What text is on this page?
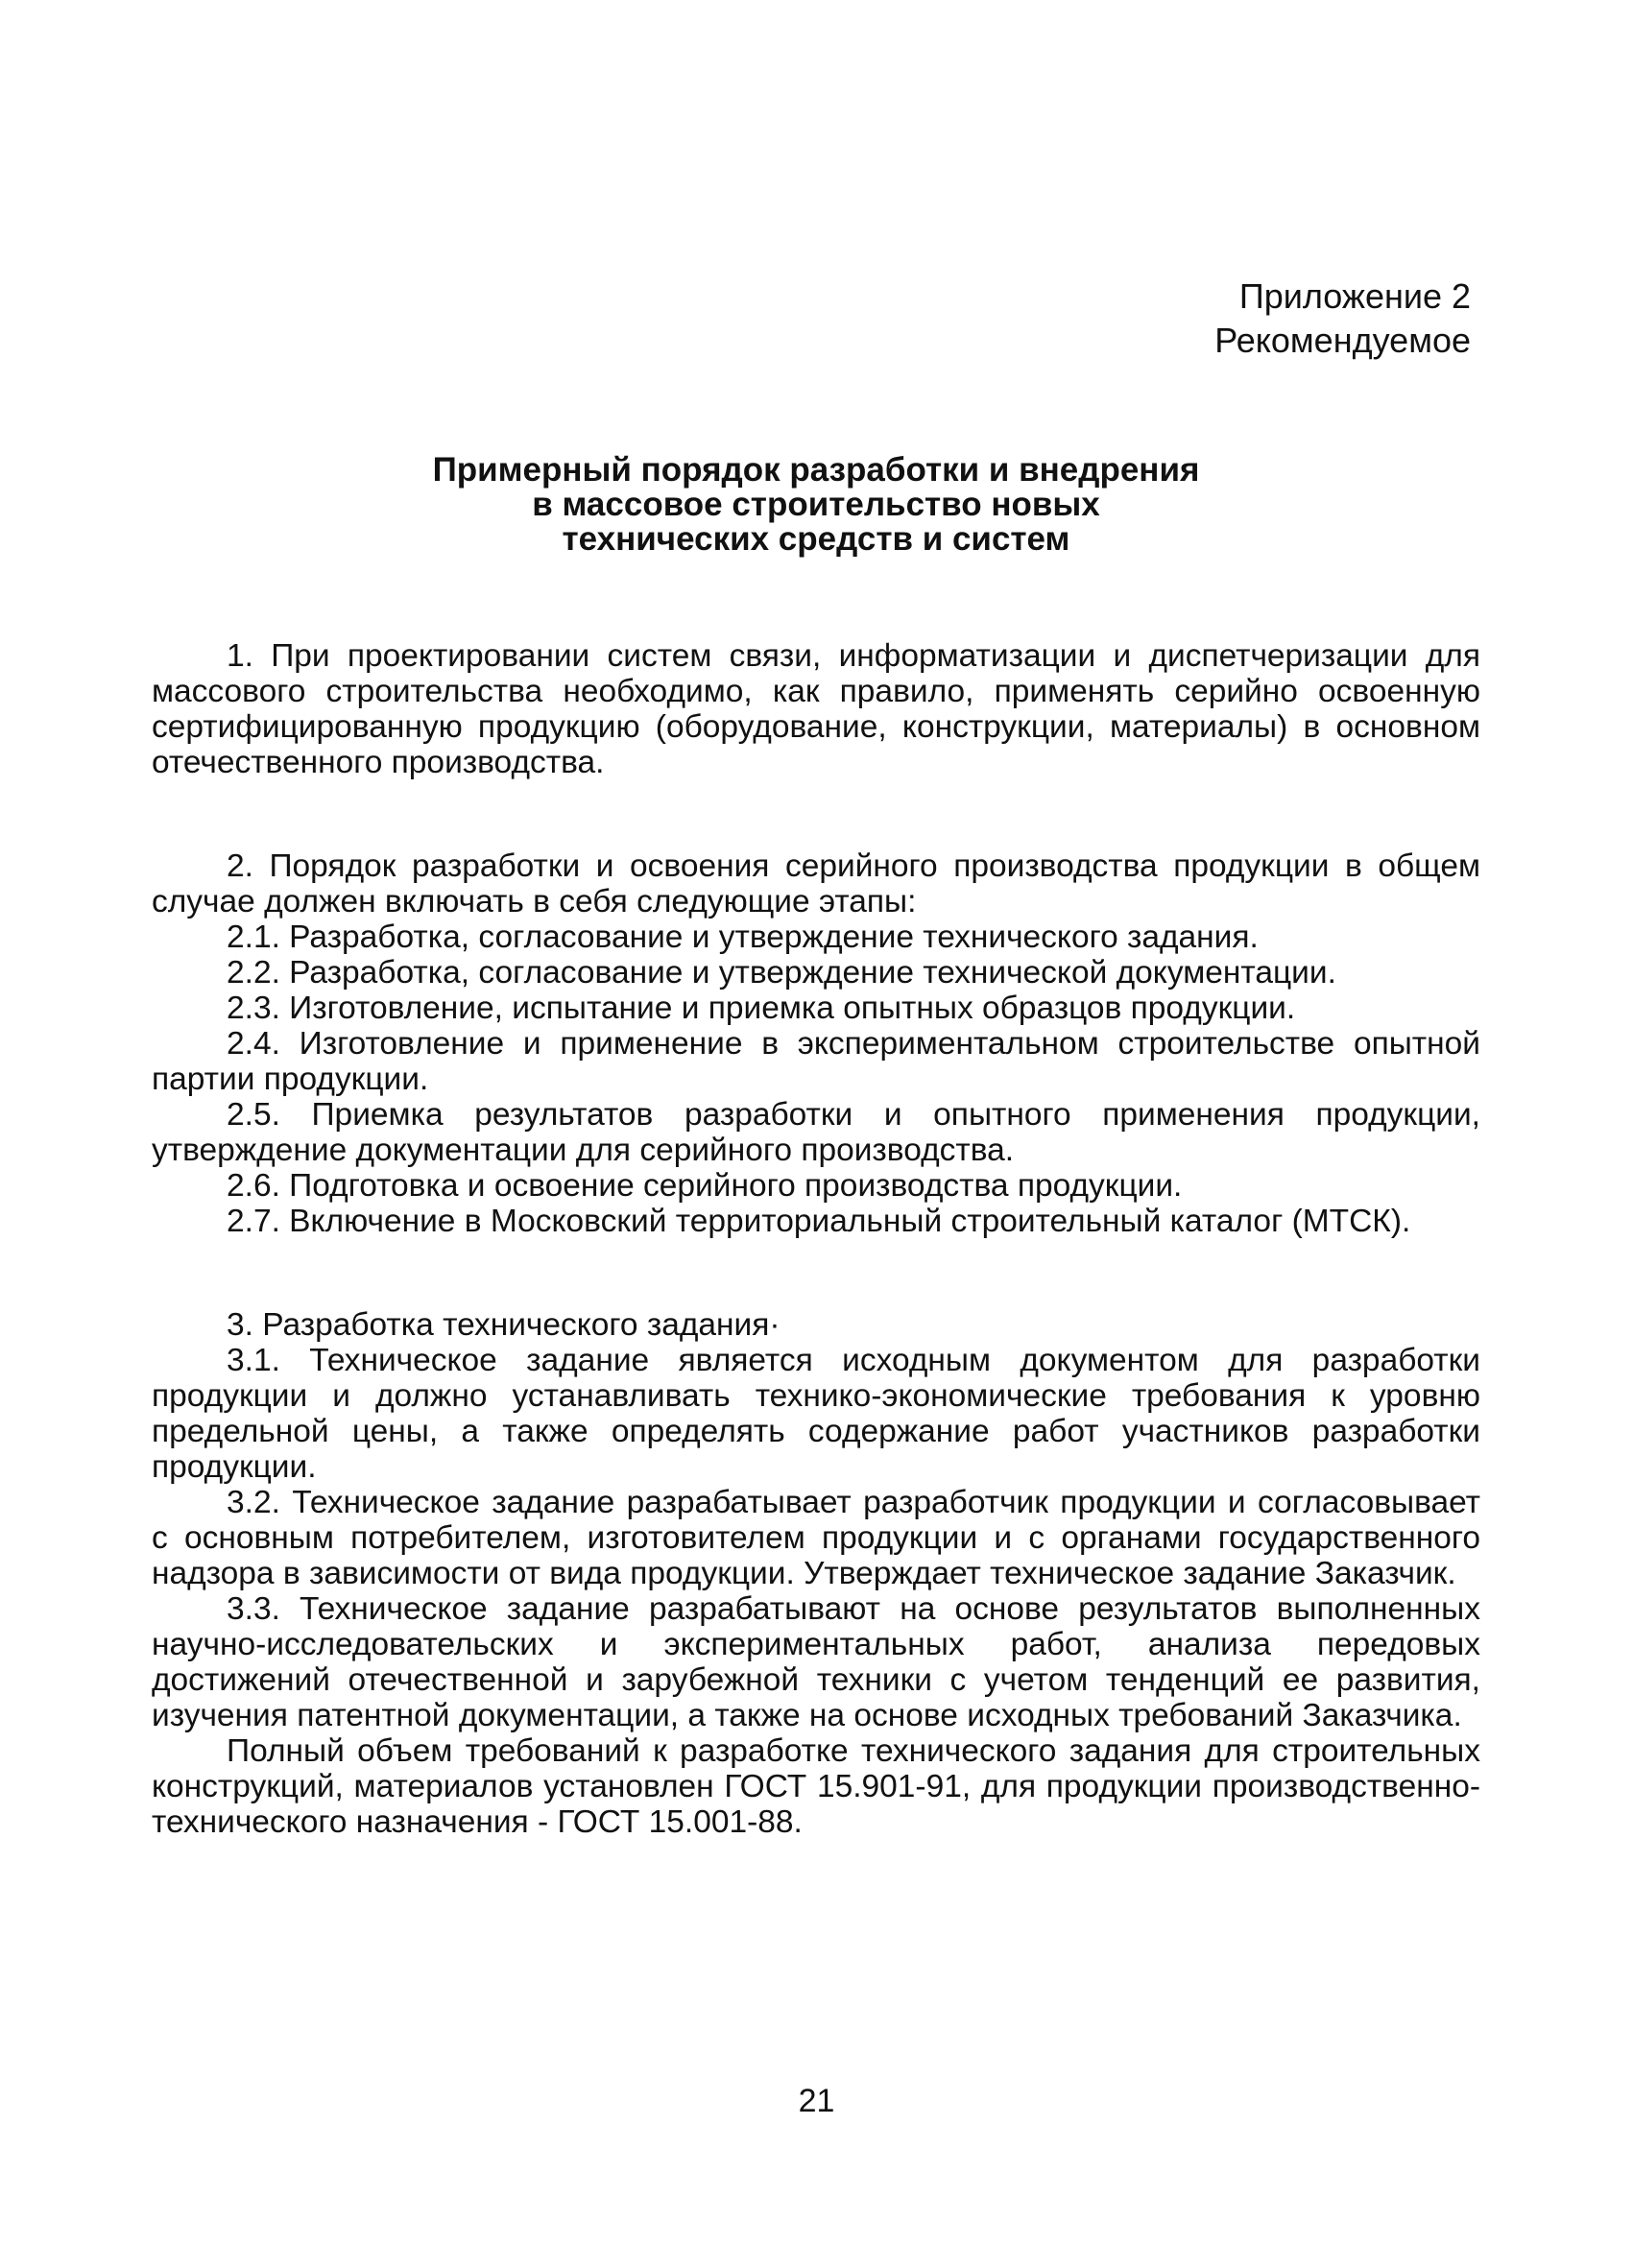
Приложение 2
Рекомендуемое
Примерный порядок разработки и внедрения
в массовое строительство новых
технических средств и систем

1. При проектировании систем связи, информатизации и диспетчеризации для массового строительства необходимо, как правило, применять серийно освоенную сертифицированную продукцию (оборудование, конструкции, материалы) в основном отечественного производства.

2. Порядок разработки и освоения серийного производства продукции в общем случае должен включать в себя следующие этапы:

2.1. Разработка, согласование и утверждение технического задания.

2.2. Разработка, согласование и утверждение технической документации.

2.3. Изготовление, испытание и приемка опытных образцов продукции.

2.4. Изготовление и применение в экспериментальном строительстве опытной партии продукции.

2.5. Приемка результатов разработки и опытного применения продукции, утверждение документации для серийного производства.

2.6. Подготовка и освоение серийного производства продукции.

2.7. Включение в Московский территориальный строительный каталог (МТСК).

3. Разработка технического задания·

3.1. Техническое задание является исходным документом для разработки продукции и должно устанавливать технико-экономические требования к уровню предельной цены, а также определять содержание работ участников разработки продукции.

3.2. Техническое задание разрабатывает разработчик продукции и согласовывает с основным потребителем, изготовителем продукции и с органами государственного надзора в зависимости от вида продукции. Утверждает техническое задание Заказчик.

3.3. Техническое задание разрабатывают на основе результатов выполненных научно-исследовательских и экспериментальных работ, анализа передовых достижений отечественной и зарубежной техники с учетом тенденций ее развития, изучения патентной документации, а также на основе исходных требований Заказчика.

Полный объем требований к разработке технического задания для строительных конструкций, материалов установлен ГОСТ 15.901-91, для продукции производственно-технического назначения - ГОСТ 15.001-88.

21
